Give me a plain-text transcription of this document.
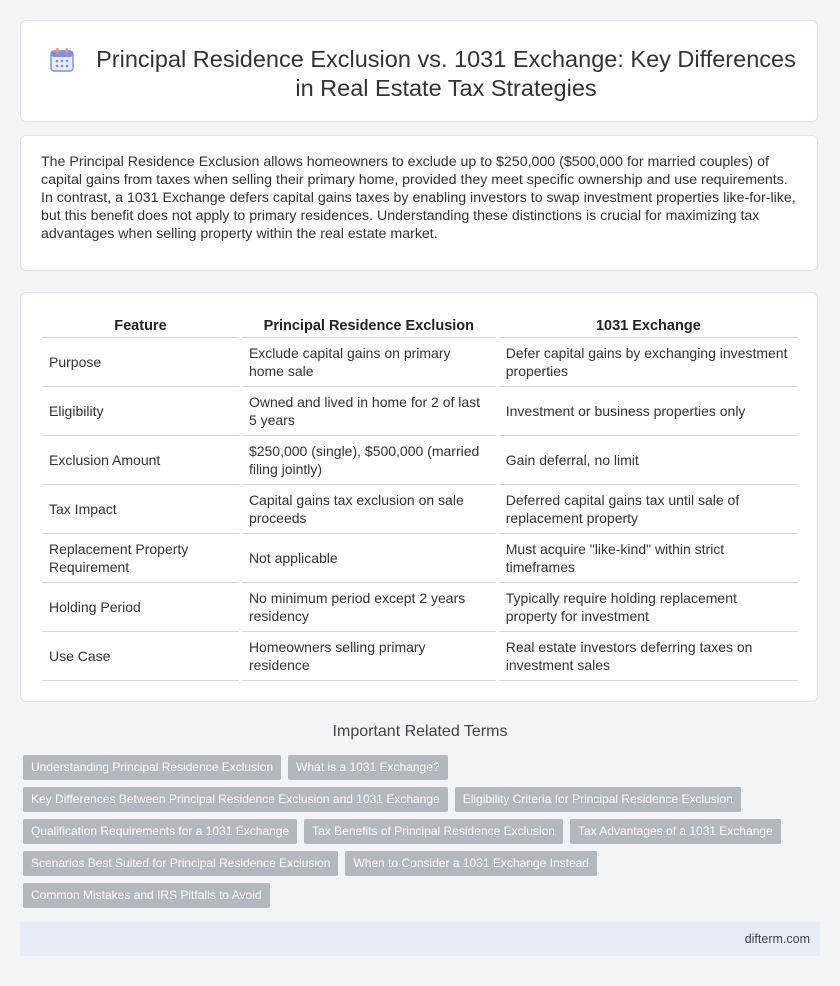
Principal Residence Exclusion vs. 1031 Exchange: Key Differences in Real Estate Tax Strategies

The Principal Residence Exclusion allows homeowners to exclude up to $250,000 ($500,000 for married couples) of capital gains from taxes when selling their primary home, provided they meet specific ownership and use requirements. In contrast, a 1031 Exchange defers capital gains taxes by enabling investors to swap investment properties like-for-like, but this benefit does not apply to primary residences. Understanding these distinctions is crucial for maximizing tax advantages when selling property within the real estate market.

Feature	Principal Residence Exclusion	1031 Exchange
Purpose	Exclude capital gains on primary home sale	Defer capital gains by exchanging investment properties
Eligibility	Owned and lived in home for 2 of last 5 years	Investment or business properties only
Exclusion Amount	$250,000 (single), $500,000 (married filing jointly)	Gain deferral, no limit
Tax Impact	Capital gains tax exclusion on sale proceeds	Deferred capital gains tax until sale of replacement property
Replacement Property Requirement	Not applicable	Must acquire "like-kind" within strict timeframes
Holding Period	No minimum period except 2 years residency	Typically require holding replacement property for investment
Use Case	Homeowners selling primary residence	Real estate investors deferring taxes on investment sales
Important Related Terms
Understanding Principal Residence Exclusion	What is a 1031 Exchange?
Key Differences Between Principal Residence Exclusion and 1031 Exchange	Eligibility Criteria for Principal Residence Exclusion
Qualification Requirements for a 1031 Exchange	Tax Benefits of Principal Residence Exclusion	Tax Advantages of a 1031 Exchange
Scenarios Best Suited for Principal Residence Exclusion	When to Consider a 1031 Exchange Instead
Common Mistakes and IRS Pitfalls to Avoid
difterm.com
